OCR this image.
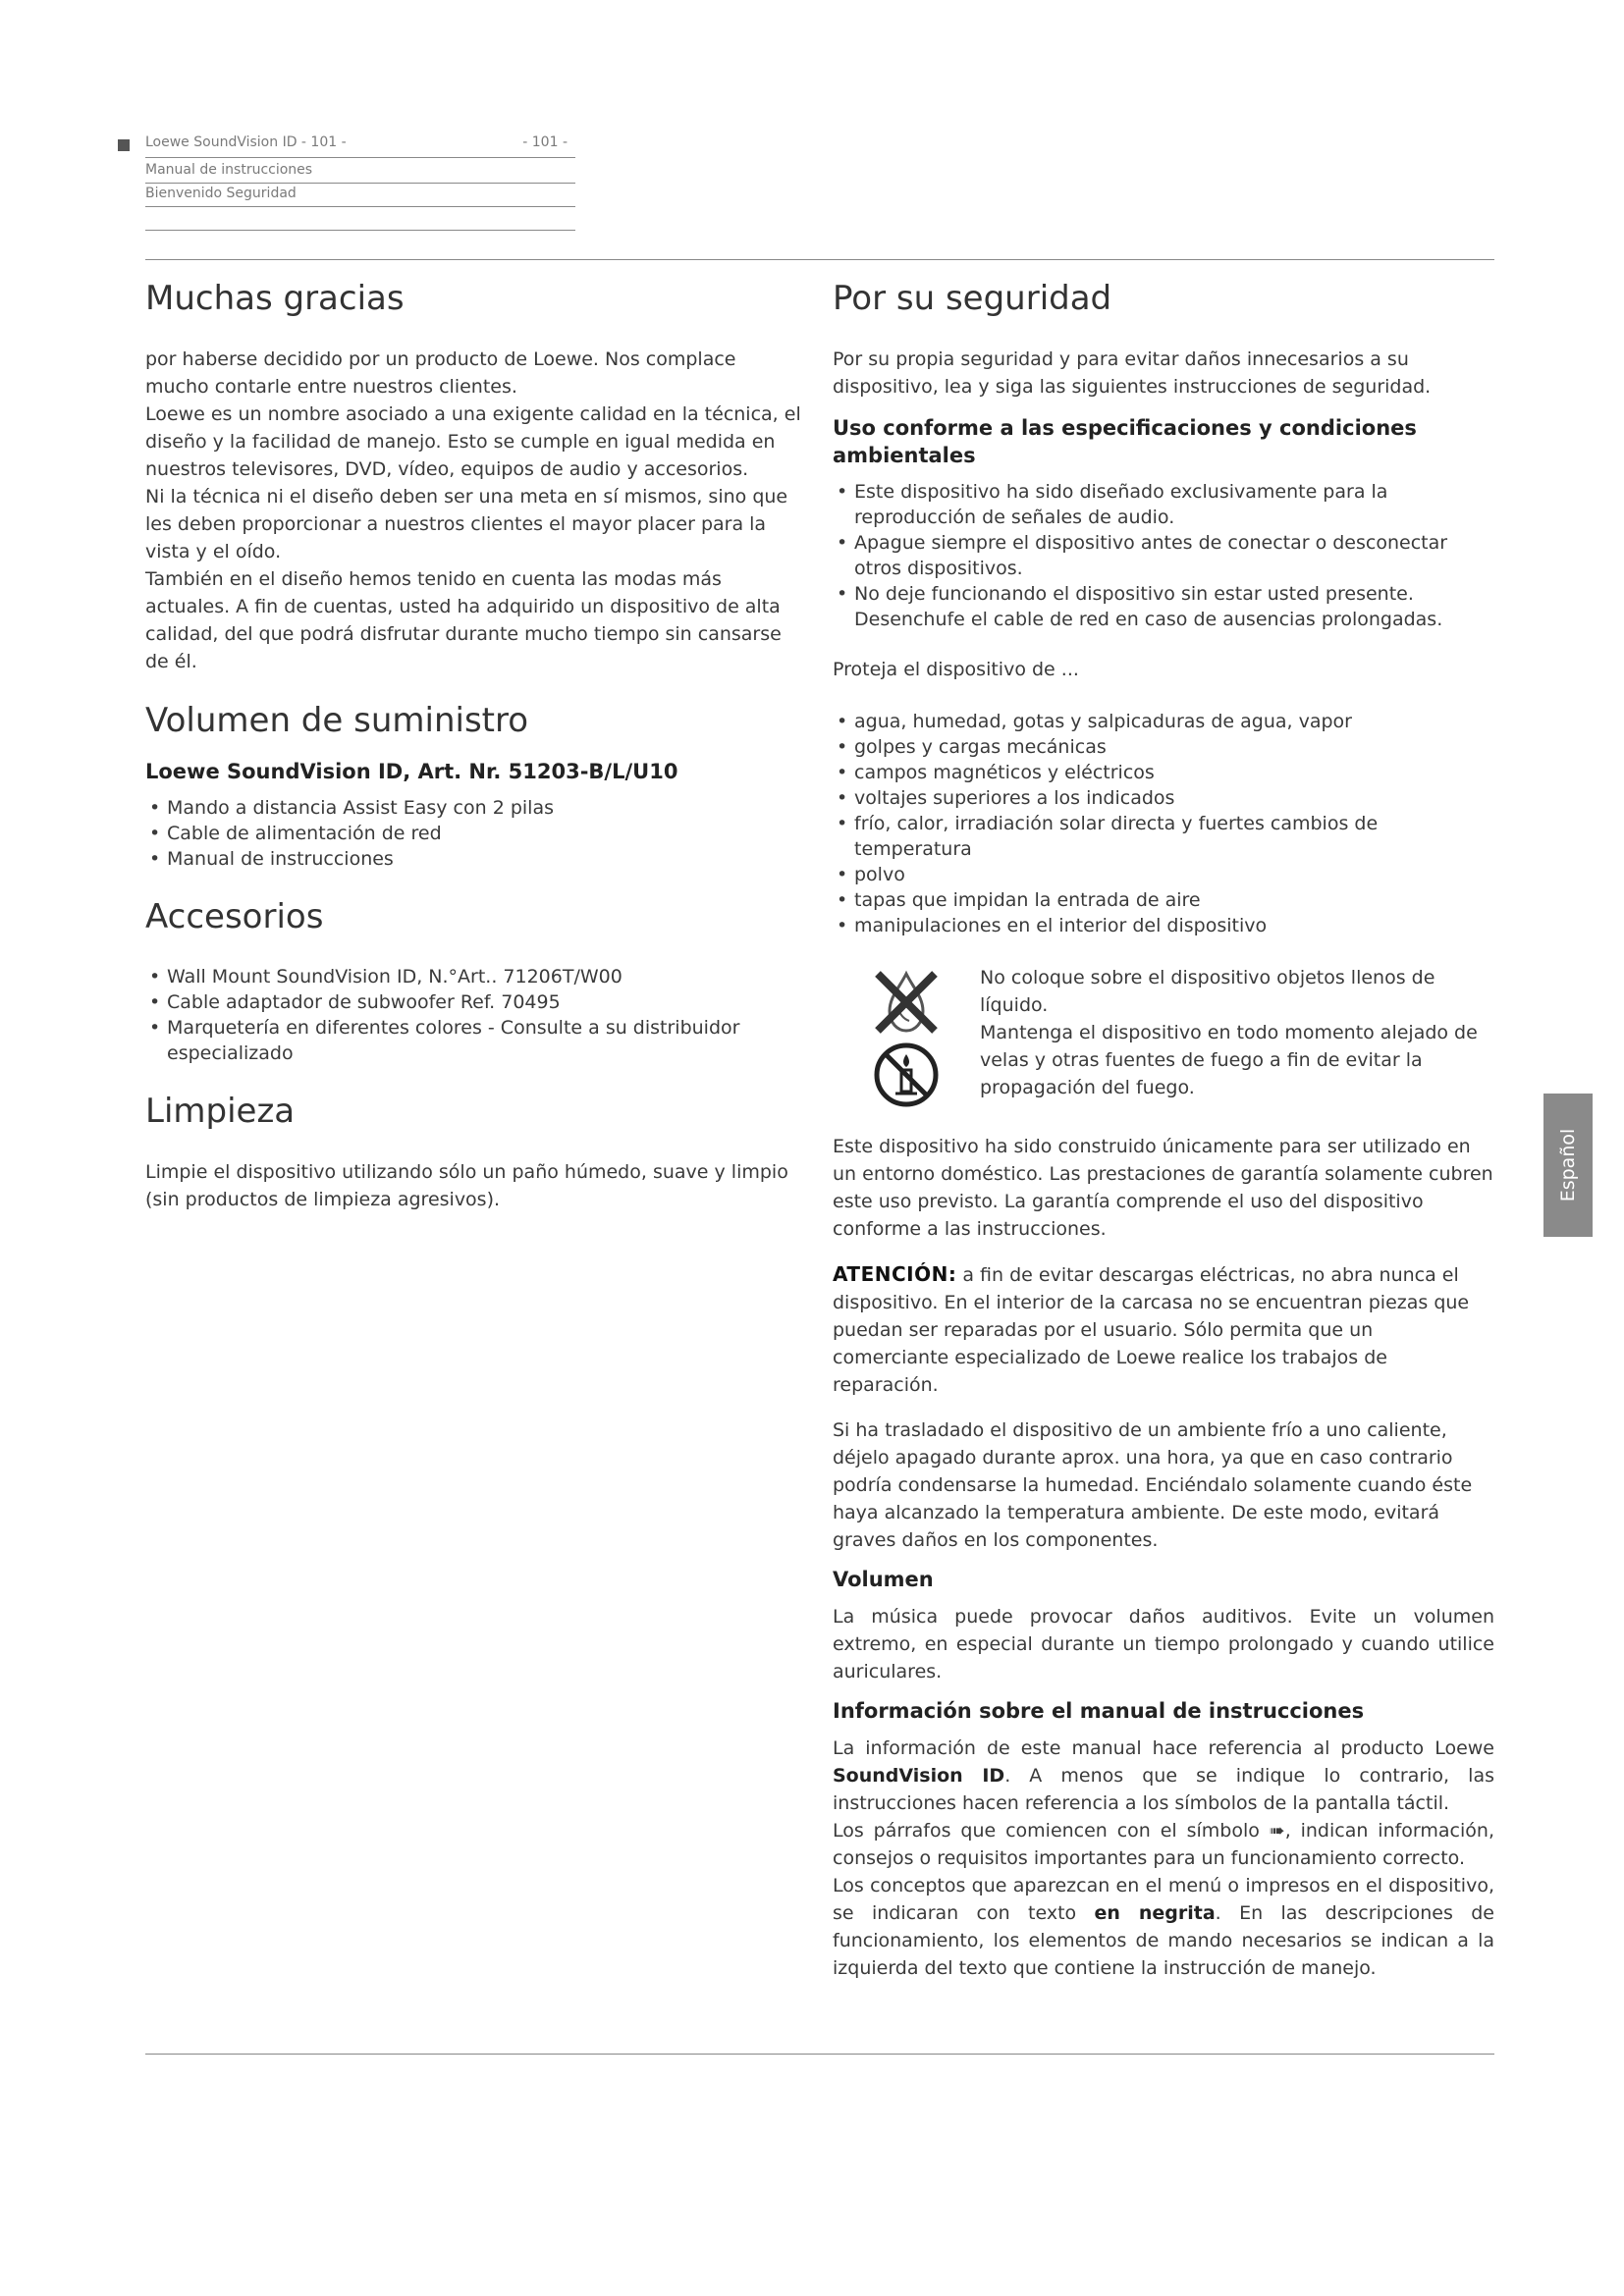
Loewe SoundVision ID - 101 -	- 101 -
Manual de instrucciones
Bienvenido Seguridad
Muchas gracias

por haberse decidido por un producto de Loewe. Nos complace mucho contarle entre nuestros clientes.

Loewe es un nombre asociado a una exigente calidad en la técnica, el diseño y la facilidad de manejo. Esto se cumple en igual medida en nuestros televisores, DVD, vídeo, equipos de audio y accesorios.

Ni la técnica ni el diseño deben ser una meta en sí mismos, sino que les deben proporcionar a nuestros clientes el mayor placer para la vista y el oído.

También en el diseño hemos tenido en cuenta las modas más actuales. A fin de cuentas, usted ha adquirido un dispositivo de alta calidad, del que podrá disfrutar durante mucho tiempo sin cansarse de él.

Volumen de suministro
Loewe SoundVision ID, Art. Nr. 51203-B/L/U10
• Mando a distancia Assist Easy con 2 pilas
• Cable de alimentación de red
• Manual de instrucciones
Accesorios
• Wall Mount SoundVision ID, N.°Art.. 71206T/W00
• Cable adaptador de subwoofer Ref. 70495
• Marquetería en diferentes colores - Consulte a su distribuidor especializado
Limpieza

Limpie el dispositivo utilizando sólo un paño húmedo, suave y limpio (sin productos de limpieza agresivos).

Por su seguridad

Por su propia seguridad y para evitar daños innecesarios a su dispositivo, lea y siga las siguientes instrucciones de seguridad.

Uso conforme a las especificaciones y condiciones ambientales
• Este dispositivo ha sido diseñado exclusivamente para la reproducción de señales de audio.
• Apague siempre el dispositivo antes de conectar o desconectar otros dispositivos.
• No deje funcionando el dispositivo sin estar usted presente. Desenchufe el cable de red en caso de ausencias prolongadas.

Proteja el dispositivo de ...

• agua, humedad, gotas y salpicaduras de agua, vapor
• golpes y cargas mecánicas
• campos magnéticos y eléctricos
• voltajes superiores a los indicados
• frío, calor, irradiación solar directa y fuertes cambios de temperatura
• polvo
• tapas que impidan la entrada de aire
• manipulaciones en el interior del dispositivo

No coloque sobre el dispositivo objetos llenos de líquido.

Mantenga el dispositivo en todo momento alejado de velas y otras fuentes de fuego a fin de evitar la propagación del fuego.

Este dispositivo ha sido construido únicamente para ser utilizado en un entorno doméstico. Las prestaciones de garantía solamente cubren este uso previsto. La garantía comprende el uso del dispositivo conforme a las instrucciones.

ATENCIÓN: a fin de evitar descargas eléctricas, no abra nunca el dispositivo. En el interior de la carcasa no se encuentran piezas que puedan ser reparadas por el usuario. Sólo permita que un comerciante especializado de Loewe realice los trabajos de reparación.

Si ha trasladado el dispositivo de un ambiente frío a uno caliente, déjelo apagado durante aprox. una hora, ya que en caso contrario podría condensarse la humedad. Enciéndalo solamente cuando éste haya alcanzado la temperatura ambiente. De este modo, evitará graves daños en los componentes.

Volumen

La música puede provocar daños auditivos. Evite un volumen extremo, en especial durante un tiempo prolongado y cuando utilice auriculares.

Información sobre el manual de instrucciones

La información de este manual hace referencia al producto Loewe SoundVision ID. A menos que se indique lo contrario, las instrucciones hacen referencia a los símbolos de la pantalla táctil.

Los párrafos que comiencen con el símbolo ➠, indican información, consejos o requisitos importantes para un funcionamiento correcto.

Los conceptos que aparezcan en el menú o impresos en el dispositivo, se indicaran con texto en negrita. En las descripciones de funcionamiento, los elementos de mando necesarios se indican a la izquierda del texto que contiene la instrucción de manejo.

Español
